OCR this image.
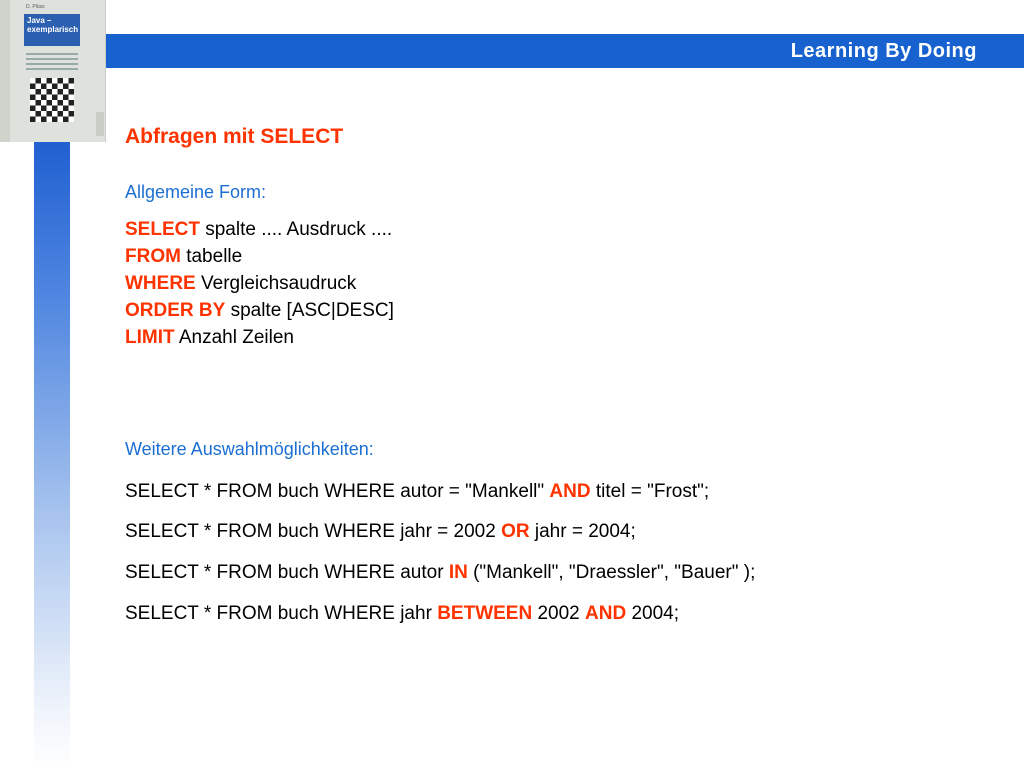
Learning By Doing
D. Plüss
Java – exemplarisch
Abfragen mit SELECT
Allgemeine Form:
SELECT spalte .... Ausdruck ....
FROM tabelle
WHERE Vergleichsaudruck
ORDER BY spalte [ASC|DESC]
LIMIT Anzahl Zeilen
Weitere Auswahlmöglichkeiten:
SELECT * FROM buch WHERE autor = "Mankell" AND titel = "Frost";
SELECT * FROM buch WHERE jahr = 2002 OR jahr = 2004;
SELECT * FROM buch WHERE autor IN ("Mankell", "Draessler", "Bauer" );
SELECT * FROM buch WHERE jahr BETWEEN 2002 AND 2004;
